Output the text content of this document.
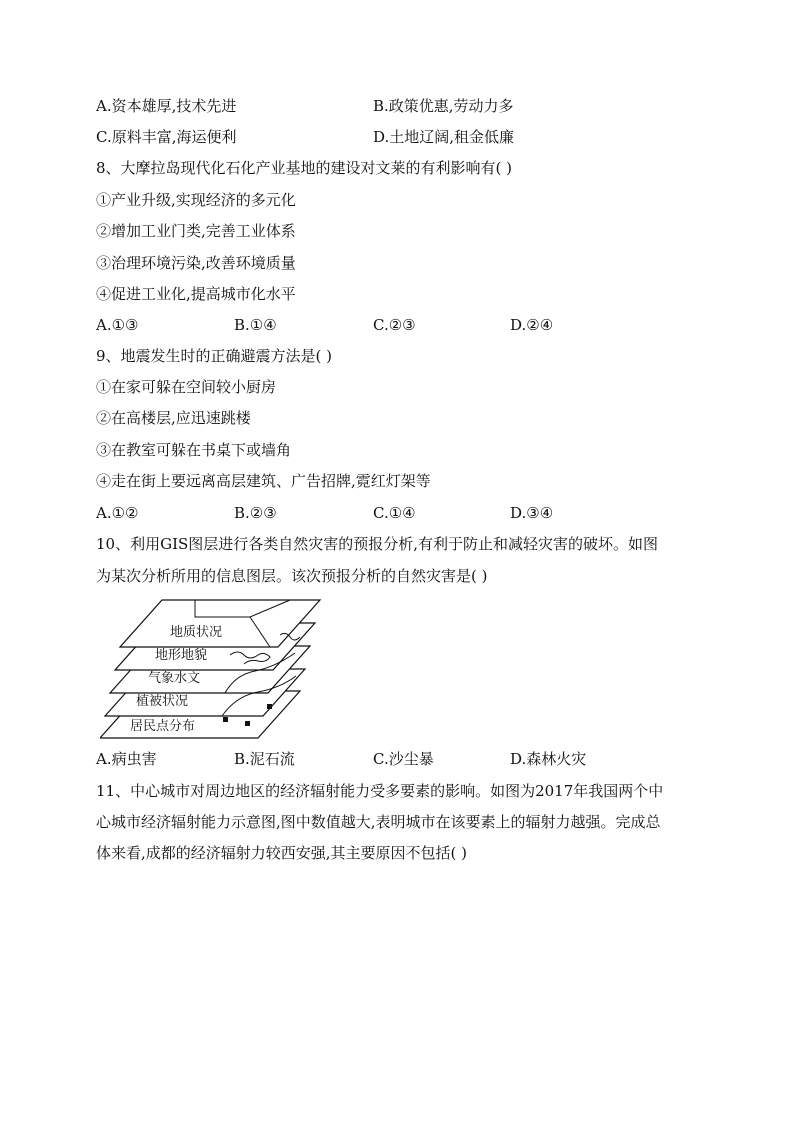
A.资本雄厚,技术先进	B.政策优惠,劳动力多
C.原料丰富,海运便利	D.土地辽阔,租金低廉
8、大摩拉岛现代化石化产业基地的建设对文莱的有利影响有( )
①产业升级,实现经济的多元化
②增加工业门类,完善工业体系
③治理环境污染,改善环境质量
④促进工业化,提高城市化水平
A.①③	B.①④	C.②③	D.②④
9、地震发生时的正确避震方法是( )
①在家可躲在空间较小厨房
②在高楼层,应迅速跳楼
③在教室可躲在书桌下或墙角
④走在街上要远离高层建筑、广告招牌,霓红灯架等
A.①②	B.②③	C.①④	D.③④
10、利用GIS图层进行各类自然灾害的预报分析,有利于防止和减轻灾害的破坏。如图
为某次分析所用的信息图层。该次预报分析的自然灾害是( )
地质状况
地形地貌
气象水文
植被状况
居民点分布
A.病虫害	B.泥石流	C.沙尘暴	D.森林火灾
11、中心城市对周边地区的经济辐射能力受多要素的影响。如图为2017年我国两个中
心城市经济辐射能力示意图,图中数值越大,表明城市在该要素上的辐射力越强。完成总
体来看,成都的经济辐射力较西安强,其主要原因不包括( )
